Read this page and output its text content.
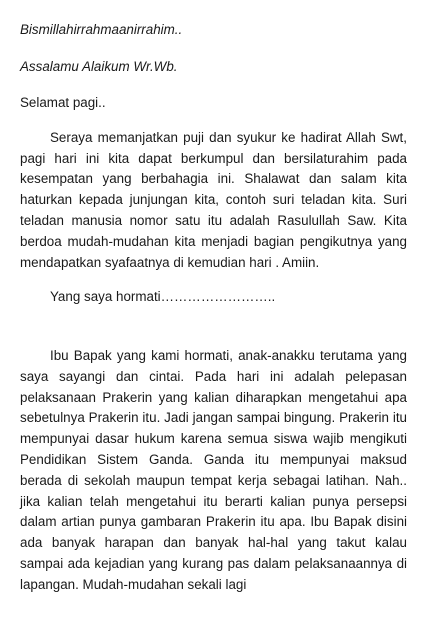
Bismillahirrahmaanirrahim..

Assalamu Alaikum Wr.Wb.

Selamat pagi..

Seraya memanjatkan puji dan syukur ke hadirat Allah Swt, pagi hari ini kita dapat berkumpul dan bersilaturahim pada kesempatan yang berbahagia ini. Shalawat dan salam kita haturkan kepada junjungan kita, contoh suri teladan kita. Suri teladan manusia nomor satu itu adalah Rasulullah Saw. Kita berdoa mudah-mudahan kita menjadi bagian pengikutnya yang mendapatkan syafaatnya di kemudian hari . Amiin.

Yang saya hormati……………………..

Ibu Bapak yang kami hormati, anak-anakku terutama yang saya sayangi dan cintai. Pada hari ini adalah pelepasan pelaksanaan Prakerin yang kalian diharapkan mengetahui apa sebetulnya Prakerin itu. Jadi jangan sampai bingung. Prakerin itu mempunyai dasar hukum karena semua siswa wajib mengikuti Pendidikan Sistem Ganda. Ganda itu mempunyai maksud berada di sekolah maupun tempat kerja sebagai latihan. Nah.. jika kalian telah mengetahui itu berarti kalian punya persepsi dalam artian punya gambaran Prakerin itu apa. Ibu Bapak disini ada banyak harapan dan banyak hal-hal yang takut kalau sampai ada kejadian yang kurang pas dalam pelaksanaannya di lapangan. Mudah-mudahan sekali lagi
